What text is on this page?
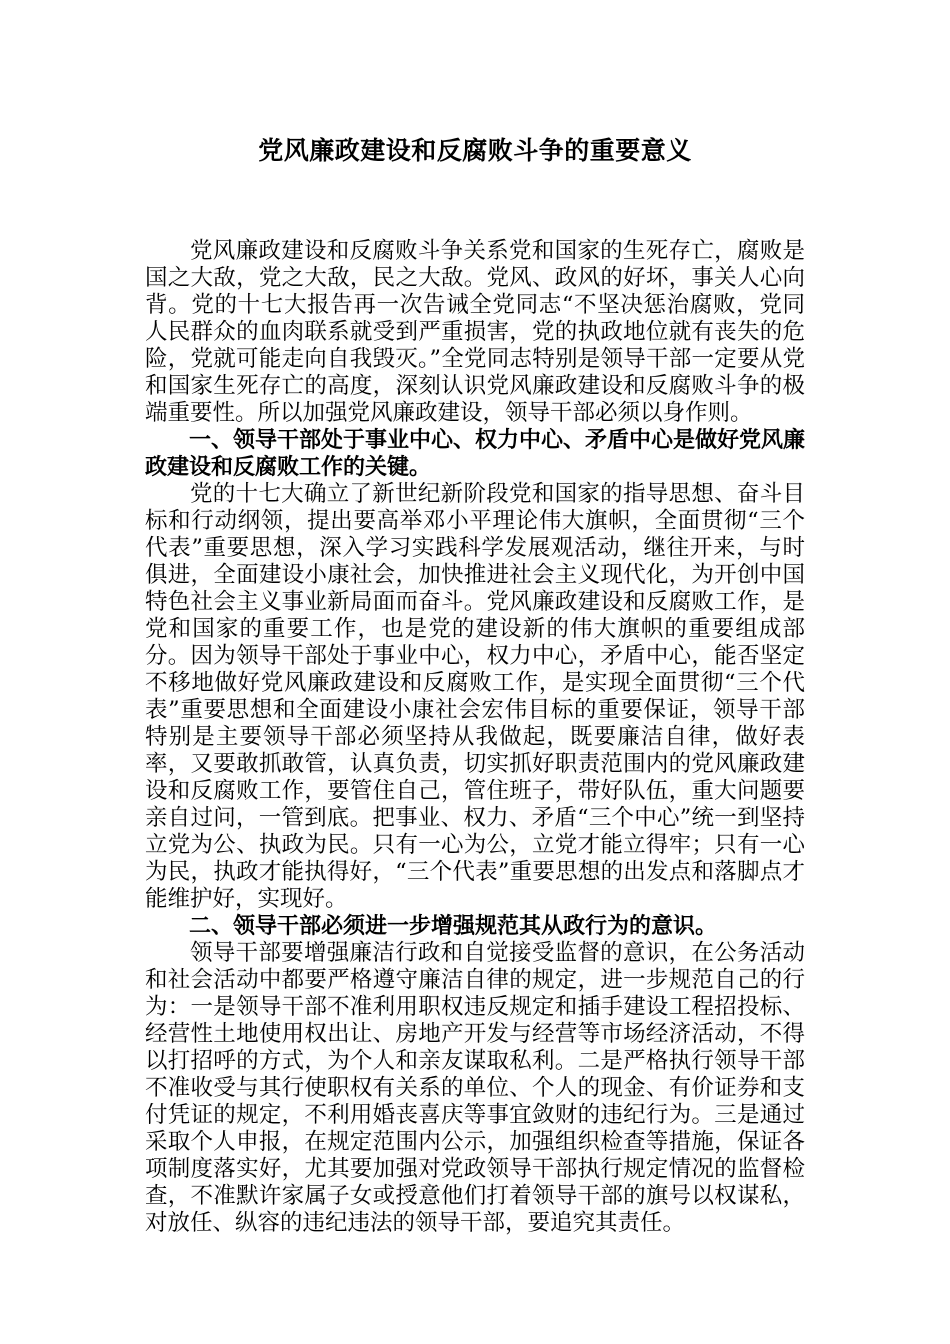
党风廉政建设和反腐败斗争的重要意义

党风廉政建设和反腐败斗争关系党和国家的生死存亡，腐败是国之大敌，党之大敌，民之大敌。党风、政风的好坏，事关人心向背。党的十七大报告再一次告诫全党同志“不坚决惩治腐败，党同人民群众的血肉联系就受到严重损害，党的执政地位就有丧失的危险，党就可能走向自我毁灭。”全党同志特别是领导干部一定要从党和国家生死存亡的高度，深刻认识党风廉政建设和反腐败斗争的极端重要性。所以加强党风廉政建设，领导干部必须以身作则。

一、领导干部处于事业中心、权力中心、矛盾中心是做好党风廉政建设和反腐败工作的关键。

党的十七大确立了新世纪新阶段党和国家的指导思想、奋斗目标和行动纲领，提出要高举邓小平理论伟大旗帜，全面贯彻“三个代表”重要思想，深入学习实践科学发展观活动，继往开来，与时俱进，全面建设小康社会，加快推进社会主义现代化，为开创中国特色社会主义事业新局面而奋斗。党风廉政建设和反腐败工作，是党和国家的重要工作，也是党的建设新的伟大旗帜的重要组成部分。因为领导干部处于事业中心，权力中心，矛盾中心，能否坚定不移地做好党风廉政建设和反腐败工作，是实现全面贯彻“三个代表”重要思想和全面建设小康社会宏伟目标的重要保证，领导干部特别是主要领导干部必须坚持从我做起，既要廉洁自律，做好表率，又要敢抓敢管，认真负责，切实抓好职责范围内的党风廉政建设和反腐败工作，要管住自己，管住班子，带好队伍，重大问题要亲自过问，一管到底。把事业、权力、矛盾“三个中心”统一到坚持立党为公、执政为民。只有一心为公，立党才能立得牢；只有一心为民，执政才能执得好，“三个代表”重要思想的出发点和落脚点才能维护好，实现好。

二、领导干部必须进一步增强规范其从政行为的意识。

领导干部要增强廉洁行政和自觉接受监督的意识，在公务活动和社会活动中都要严格遵守廉洁自律的规定，进一步规范自己的行为：一是领导干部不准利用职权违反规定和插手建设工程招投标、经营性土地使用权出让、房地产开发与经营等市场经济活动，不得以打招呼的方式，为个人和亲友谋取私利。二是严格执行领导干部不准收受与其行使职权有关系的单位、个人的现金、有价证券和支付凭证的规定，不利用婚丧喜庆等事宜敛财的违纪行为。三是通过采取个人申报，在规定范围内公示，加强组织检查等措施，保证各项制度落实好，尤其要加强对党政领导干部执行规定情况的监督检查，不准默许家属子女或授意他们打着领导干部的旗号以权谋私，对放任、纵容的违纪违法的领导干部，要追究其责任。
